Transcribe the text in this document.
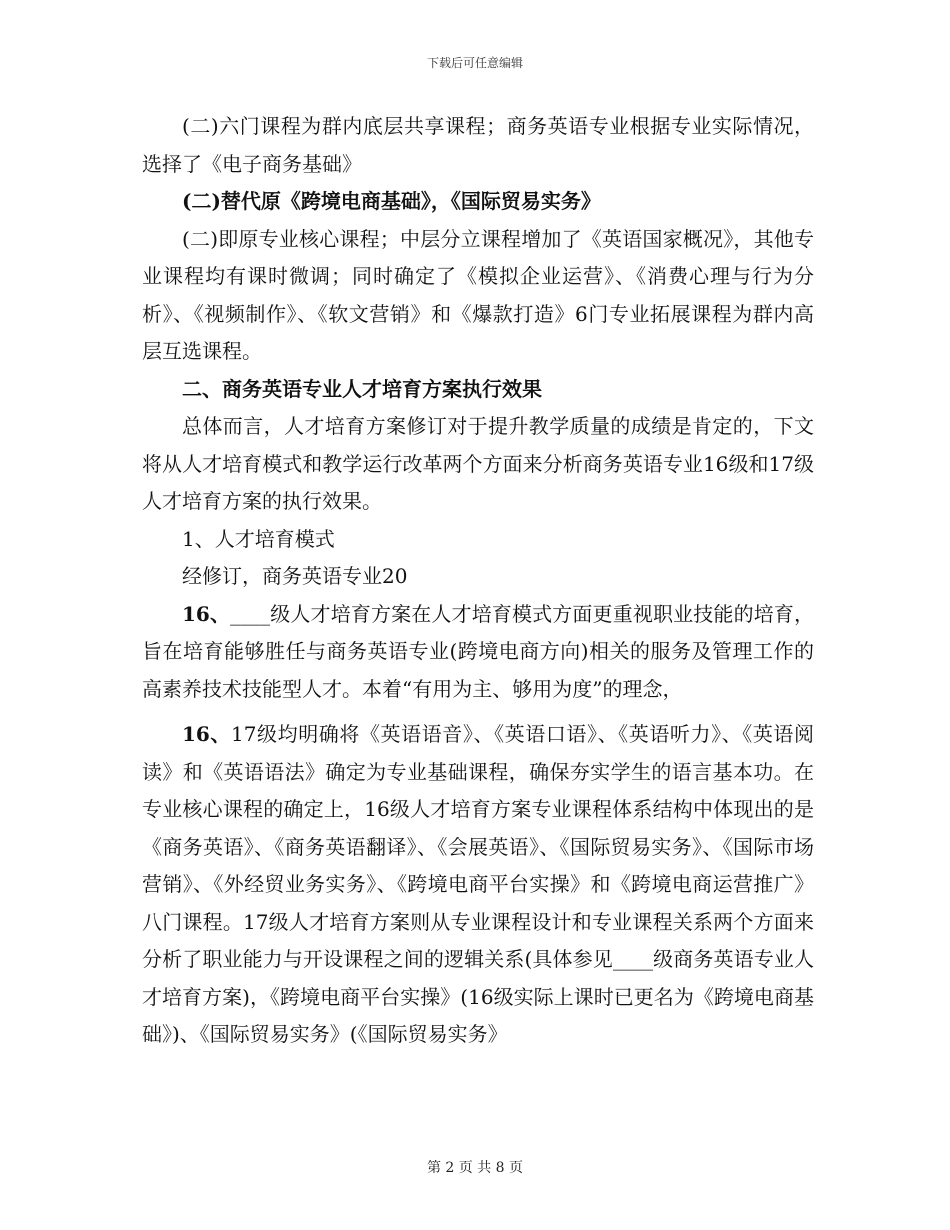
下载后可任意编辑

(二)六门课程为群内底层共享课程；商务英语专业根据专业实际情况，选择了《电子商务基础》

(二)替代原《跨境电商基础》，《国际贸易实务》

(二)即原专业核心课程；中层分立课程增加了《英语国家概况》，其他专业课程均有课时微调；同时确定了《模拟企业运营》、《消费心理与行为分析》、《视频制作》、《软文营销》和《爆款打造》6门专业拓展课程为群内高层互选课程。

二、商务英语专业人才培育方案执行效果

总体而言，人才培育方案修订对于提升教学质量的成绩是肯定的，下文将从人才培育模式和教学运行改革两个方面来分析商务英语专业16级和17级人才培育方案的执行效果。

1、人才培育模式

经修订，商务英语专业20

16、____级人才培育方案在人才培育模式方面更重视职业技能的培育，旨在培育能够胜任与商务英语专业(跨境电商方向)相关的服务及管理工作的高素养技术技能型人才。本着“有用为主、够用为度”的理念，

16、17级均明确将《英语语音》、《英语口语》、《英语听力》、《英语阅读》和《英语语法》确定为专业基础课程，确保夯实学生的语言基本功。在专业核心课程的确定上，16级人才培育方案专业课程体系结构中体现出的是《商务英语》、《商务英语翻译》、《会展英语》、《国际贸易实务》、《国际市场营销》、《外经贸业务实务》、《跨境电商平台实操》和《跨境电商运营推广》八门课程。17级人才培育方案则从专业课程设计和专业课程关系两个方面来分析了职业能力与开设课程之间的逻辑关系(具体参见____级商务英语专业人才培育方案)，《跨境电商平台实操》(16级实际上课时已更名为《跨境电商基础》)、《国际贸易实务》(《国际贸易实务》

第 2 页 共 8 页
